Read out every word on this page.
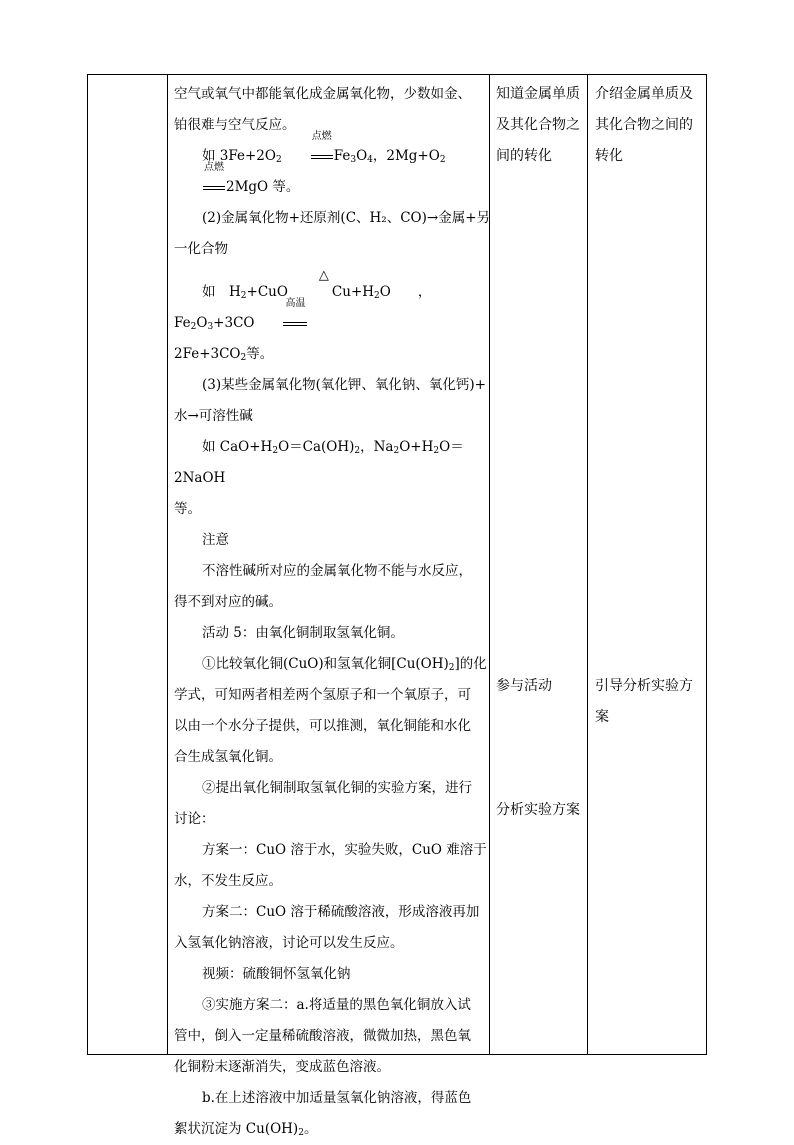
空气或氧气中都能氧化成金属氧化物，少数如金、

铂很难与空气反应。

如 $3Fe+2O_2$
点燃
$Fe_3O_4$，$2Mg+O_2$
点燃
2MgO 等。

(2)金属氧化物+还原剂(C、H₂、CO)→金属+另

一化合物

如　$H_2+CuO$
△
$Cu+H_2O$　　，$Fe_2O_3+3CO$
高温

$2Fe+3CO_2$等。

(3)某些金属氧化物(氧化钾、氧化钠、氧化钙)+

水→可溶性碱

如 $CaO+H_2O=Ca(OH)_2$，$Na_2O+H_2O=2NaOH$

等。

注意

不溶性碱所对应的金属氧化物不能与水反应，

得不到对应的碱。

活动 5：由氧化铜制取氢氧化铜。

①比较氧化铜(CuO)和氢氧化铜$[Cu(OH)_2]$的化

学式，可知两者相差两个氢原子和一个氧原子，可

以由一个水分子提供，可以推测，氧化铜能和水化

合生成氢氧化铜。

②提出氧化铜制取氢氧化铜的实验方案，进行

讨论：

方案一：CuO 溶于水，实验失败，CuO 难溶于

水，不发生反应。

方案二：CuO 溶于稀硫酸溶液，形成溶液再加

入氢氧化钠溶液，讨论可以发生反应。

视频：硫酸铜怀氢氧化钠

③实施方案二：a.将适量的黑色氧化铜放入试

管中，倒入一定量稀硫酸溶液，微微加热，黑色氧

化铜粉末逐渐消失，变成蓝色溶液。

b.在上述溶液中加适量氢氧化钠溶液，得蓝色

絮状沉淀为 $Cu(OH)_2$。

知道金属单质
及其化合物之
间的转化
参与活动
分析实验方案
介绍金属单质及
其化合物之间的
转化
引导分析实验方
案
